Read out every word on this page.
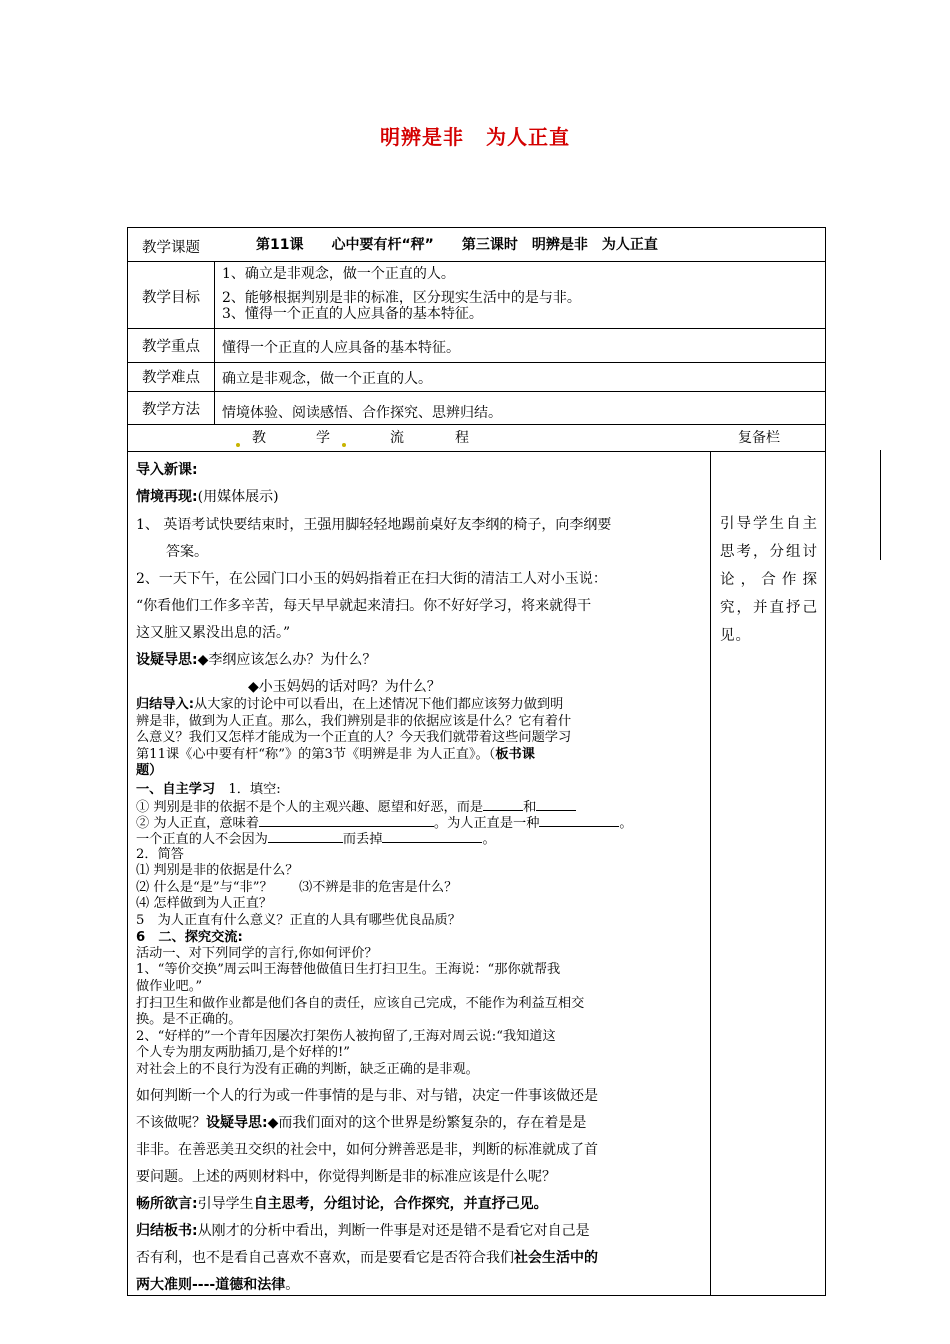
明辨是非 为人正直
教学课题	第11课　　心中要有杆“秤”　　第三课时　明辨是非　为人正直
教学目标
1、确立是非观念，做一个正直的人。
2、能够根据判别是非的标准，区分现实生活中的是与非。
3、懂得一个正直的人应具备的基本特征。
教学重点	懂得一个正直的人应具备的基本特征。
教学难点	确立是非观念，做一个正直的人。
教学方法	情境体验、阅读感悟、合作探究、思辨归结。
教	学	流	程	复备栏
引导学生自主思考，分组讨论，合作探究，并直抒己见。
导入新课:
情境再现:(用媒体展示)
1、 英语考试快要结束时，王强用脚轻轻地踢前桌好友李纲的椅子，向李纲要
答案。
2、一天下午，在公园门口小玉的妈妈指着正在扫大街的清洁工人对小玉说：
“你看他们工作多辛苦，每天早早就起来清扫。你不好好学习，将来就得干
这又脏又累没出息的活。”
设疑导思:◆李纲应该怎么办？为什么？
◆小玉妈妈的话对吗？为什么？
归结导入:从大家的讨论中可以看出，在上述情况下他们都应该努力做到明
辨是非，做到为人正直。那么，我们辨别是非的依据应该是什么？它有着什
么意义？我们又怎样才能成为一个正直的人？今天我们就带着这些问题学习
第11课《心中要有杆“称”》的第3节《明辨是非 为人正直》。（板书课
题）
一、自主学习　 1．填空:
① 判别是非的依据不是个人的主观兴趣、愿望和好恶，而是	和
② 为人正直，意味着	。为人正直是一种	。
一个正直的人不会因为	而丢掉	。
2．简答
⑴ 判别是非的依据是什么？
⑵ 什么是“是”与“非”？　　 ⑶不辨是非的危害是什么？
⑷ 怎样做到为人正直？
5　为人正直有什么意义？正直的人具有哪些优良品质？
6　二、探究交流:
活动一、对下列同学的言行,你如何评价？
1、“等价交换”周云叫王海替他做值日生打扫卫生。王海说：“那你就帮我
做作业吧。”
打扫卫生和做作业都是他们各自的责任，应该自己完成，不能作为利益互相交
换。是不正确的。
2、“好样的”一个青年因屡次打架伤人被拘留了,王海对周云说:“我知道这
个人专为朋友两肋插刀,是个好样的!”
对社会上的不良行为没有正确的判断，缺乏正确的是非观。
如何判断一个人的行为或一件事情的是与非、对与错，决定一件事该做还是
不该做呢？设疑导思:◆而我们面对的这个世界是纷繁复杂的，存在着是是
非非。在善恶美丑交织的社会中，如何分辨善恶是非，判断的标准就成了首
要问题。上述的两则材料中，你觉得判断是非的标准应该是什么呢？
畅所欲言:引导学生自主思考，分组讨论，合作探究，并直抒己见。
归结板书:从刚才的分析中看出，判断一件事是对还是错不是看它对自己是
否有利，也不是看自己喜欢不喜欢，而是要看它是否符合我们社会生活中的
两大准则----道德和法律。
